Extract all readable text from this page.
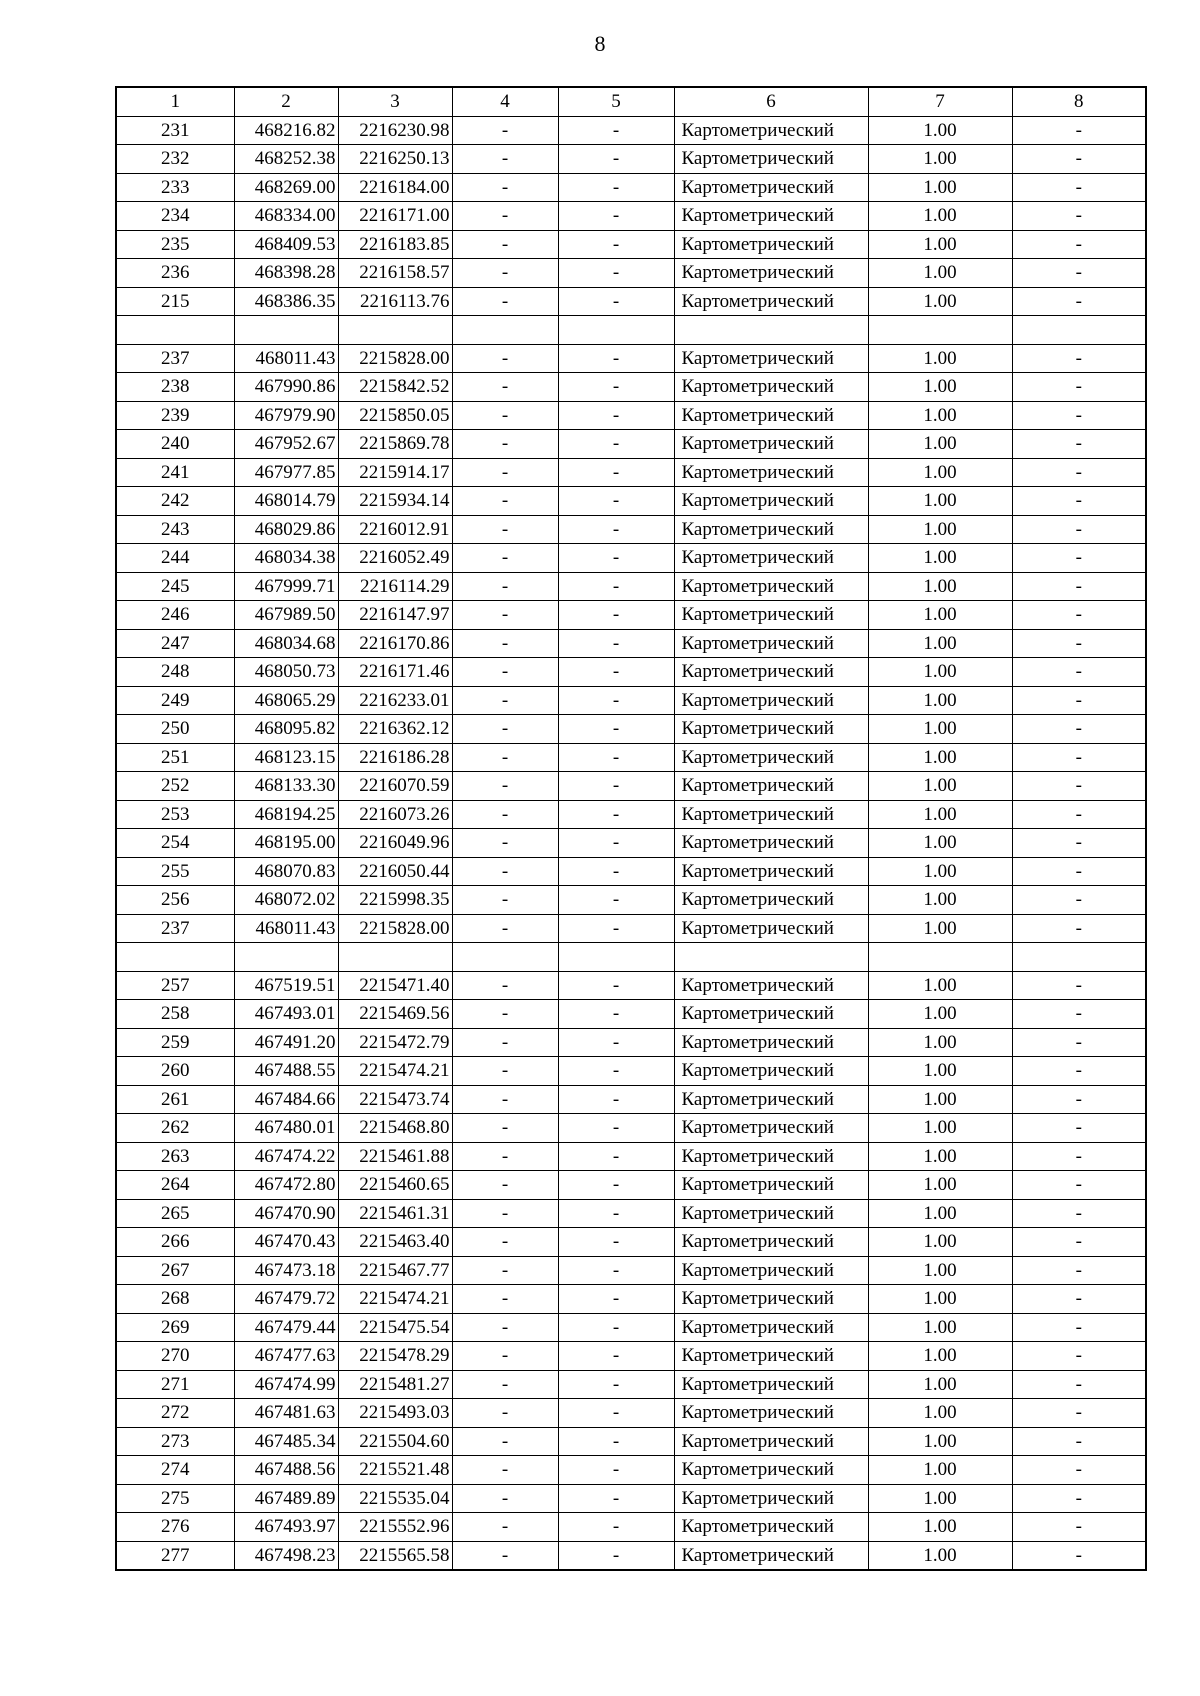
8
1	2	3	4	5	6	7	8
231	468216.82	2216230.98	-	-	Картометрический	1.00	-
232	468252.38	2216250.13	-	-	Картометрический	1.00	-
233	468269.00	2216184.00	-	-	Картометрический	1.00	-
234	468334.00	2216171.00	-	-	Картометрический	1.00	-
235	468409.53	2216183.85	-	-	Картометрический	1.00	-
236	468398.28	2216158.57	-	-	Картометрический	1.00	-
215	468386.35	2216113.76	-	-	Картометрический	1.00	-

237	468011.43	2215828.00	-	-	Картометрический	1.00	-
238	467990.86	2215842.52	-	-	Картометрический	1.00	-
239	467979.90	2215850.05	-	-	Картометрический	1.00	-
240	467952.67	2215869.78	-	-	Картометрический	1.00	-
241	467977.85	2215914.17	-	-	Картометрический	1.00	-
242	468014.79	2215934.14	-	-	Картометрический	1.00	-
243	468029.86	2216012.91	-	-	Картометрический	1.00	-
244	468034.38	2216052.49	-	-	Картометрический	1.00	-
245	467999.71	2216114.29	-	-	Картометрический	1.00	-
246	467989.50	2216147.97	-	-	Картометрический	1.00	-
247	468034.68	2216170.86	-	-	Картометрический	1.00	-
248	468050.73	2216171.46	-	-	Картометрический	1.00	-
249	468065.29	2216233.01	-	-	Картометрический	1.00	-
250	468095.82	2216362.12	-	-	Картометрический	1.00	-
251	468123.15	2216186.28	-	-	Картометрический	1.00	-
252	468133.30	2216070.59	-	-	Картометрический	1.00	-
253	468194.25	2216073.26	-	-	Картометрический	1.00	-
254	468195.00	2216049.96	-	-	Картометрический	1.00	-
255	468070.83	2216050.44	-	-	Картометрический	1.00	-
256	468072.02	2215998.35	-	-	Картометрический	1.00	-
237	468011.43	2215828.00	-	-	Картометрический	1.00	-

257	467519.51	2215471.40	-	-	Картометрический	1.00	-
258	467493.01	2215469.56	-	-	Картометрический	1.00	-
259	467491.20	2215472.79	-	-	Картометрический	1.00	-
260	467488.55	2215474.21	-	-	Картометрический	1.00	-
261	467484.66	2215473.74	-	-	Картометрический	1.00	-
262	467480.01	2215468.80	-	-	Картометрический	1.00	-
263	467474.22	2215461.88	-	-	Картометрический	1.00	-
264	467472.80	2215460.65	-	-	Картометрический	1.00	-
265	467470.90	2215461.31	-	-	Картометрический	1.00	-
266	467470.43	2215463.40	-	-	Картометрический	1.00	-
267	467473.18	2215467.77	-	-	Картометрический	1.00	-
268	467479.72	2215474.21	-	-	Картометрический	1.00	-
269	467479.44	2215475.54	-	-	Картометрический	1.00	-
270	467477.63	2215478.29	-	-	Картометрический	1.00	-
271	467474.99	2215481.27	-	-	Картометрический	1.00	-
272	467481.63	2215493.03	-	-	Картометрический	1.00	-
273	467485.34	2215504.60	-	-	Картометрический	1.00	-
274	467488.56	2215521.48	-	-	Картометрический	1.00	-
275	467489.89	2215535.04	-	-	Картометрический	1.00	-
276	467493.97	2215552.96	-	-	Картометрический	1.00	-
277	467498.23	2215565.58	-	-	Картометрический	1.00	-
